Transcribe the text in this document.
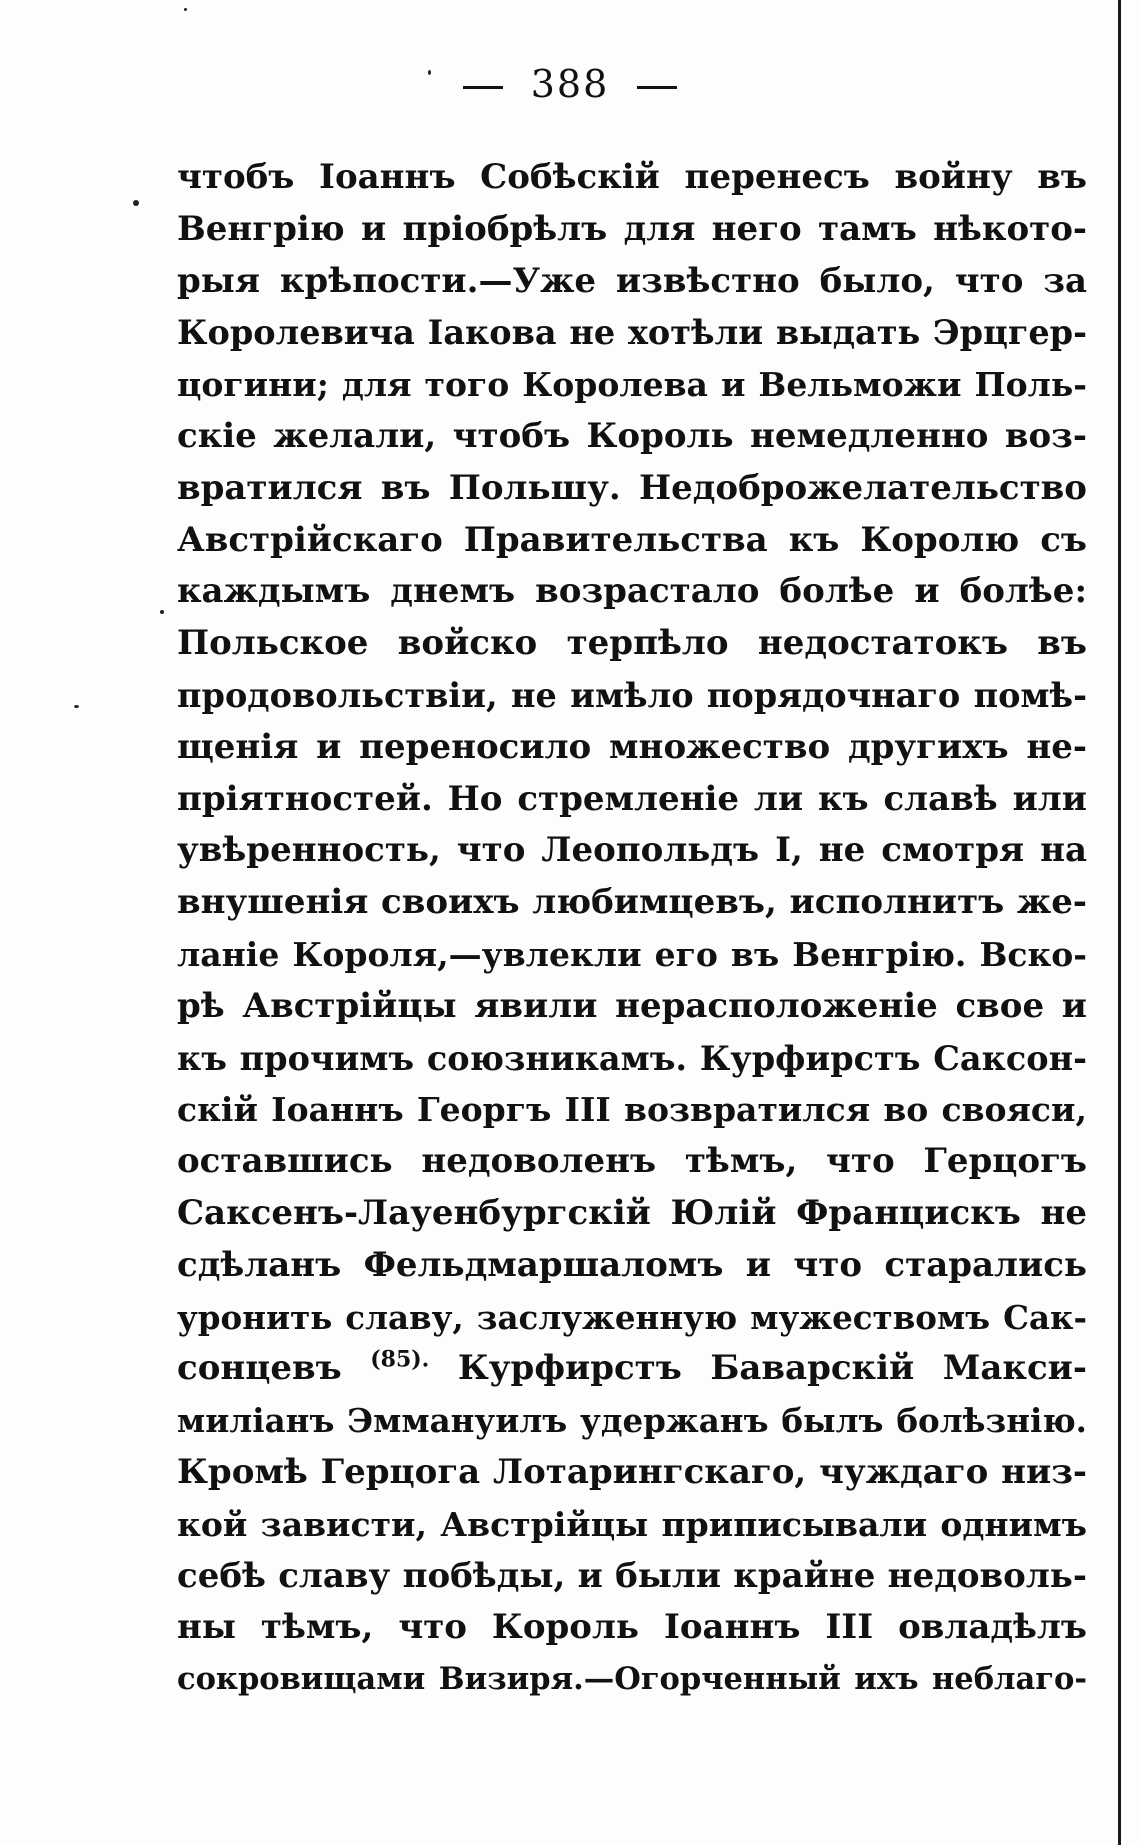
388
чтобъ Іоаннъ Собѣскій перенесъ войну въ
Венгрію и пріобрѣлъ для него тамъ нѣкото-
рыя крѣпости.—Уже извѣстно было, что за
Королевича Іакова не хотѣли выдать Эрцгер-
цогини; для того Королева и Вельможи Поль-
скіе желали, чтобъ Король немедленно воз-
вратился въ Польшу. Недоброжелательство
Австрійскаго Правительства къ Королю съ
каждымъ днемъ возрастало болѣе и болѣе:
Польское войско терпѣло недостатокъ въ
продовольствіи, не имѣло порядочнаго помѣ-
щенія и переносило множество другихъ не-
пріятностей. Но стремленіе ли къ славѣ или
увѣренность, что Леопольдъ I, не смотря на
внушенія своихъ любимцевъ, исполнитъ же-
ланіе Короля,—увлекли его въ Венгрію. Вско-
рѣ Австрійцы явили нерасположеніе свое и
къ прочимъ союзникамъ. Курфирстъ Саксон-
скій Іоаннъ Георгъ III возвратился во свояси,
оставшись недоволенъ тѣмъ, что Герцогъ
Саксенъ-Лауенбургскій Юлій Францискъ не
сдѣланъ Фельдмаршаломъ и что старались
уронить славу, заслуженную мужествомъ Сак-
сонцевъ $^{(85).}$ Курфирстъ Баварскій Макси-
миліанъ Эммануилъ удержанъ былъ болѣзнію.
Кромѣ Герцога Лотарингскаго, чуждаго низ-
кой зависти, Австрійцы приписывали однимъ
себѣ славу побѣды, и были крайне недоволь-
ны тѣмъ, что Король Іоаннъ III овладѣлъ
сокровищами Визиря.—Огорченный ихъ неблаго-
